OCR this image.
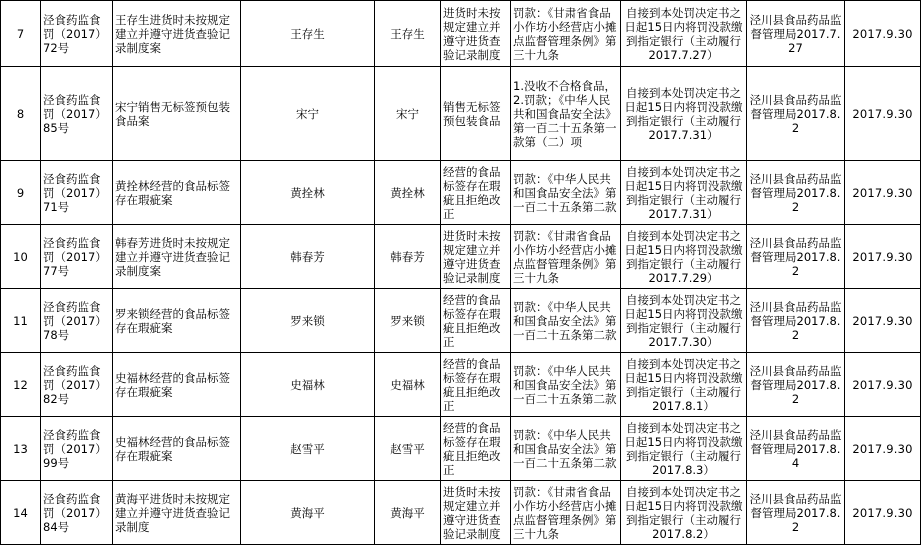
7	泾食药监食罚（2017）72号	王存生进货时未按规定建立并遵守进货查验记录制度案	王存生	王存生	进货时未按规定建立并遵守进货查验记录制度	罚款：《甘肃省食品小作坊小经营店小摊点监督管理条例》第三十九条	自接到本处罚决定书之日起15日内将罚没款缴到指定银行（主动履行2017.7.27）	泾川县食品药品监督管理局2017.7.27	2017.9.30
8	泾食药监食罚（2017）85号	宋宁销售无标签预包装食品案	宋宁	宋宁	销售无标签预包装食品	1.没收不合格食品，2.罚款；《中华人民共和国食品安全法》第一百二十五条第一款第（二）项	自接到本处罚决定书之日起15日内将罚没款缴到指定银行（主动履行2017.7.31）	泾川县食品药品监督管理局2017.8.2	2017.9.30
9	泾食药监食罚（2017）71号	黄拴林经营的食品标签存在瑕疵案	黄拴林	黄拴林	经营的食品标签存在瑕疵且拒绝改正	罚款：《中华人民共和国食品安全法》第一百二十五条第二款	自接到本处罚决定书之日起15日内将罚没款缴到指定银行（主动履行2017.7.31）	泾川县食品药品监督管理局2017.8.2	2017.9.30
10	泾食药监食罚（2017）77号	韩春芳进货时未按规定建立并遵守进货查验记录制度案	韩春芳	韩春芳	进货时未按规定建立并遵守进货查验记录制度	罚款：《甘肃省食品小作坊小经营店小摊点监督管理条例》第三十九条	自接到本处罚决定书之日起15日内将罚没款缴到指定银行（主动履行2017.7.29）	泾川县食品药品监督管理局2017.8.2	2017.9.30
11	泾食药监食罚（2017）78号	罗来锁经营的食品标签存在瑕疵案	罗来锁	罗来锁	经营的食品标签存在瑕疵且拒绝改正	罚款：《中华人民共和国食品安全法》第一百二十五条第二款	自接到本处罚决定书之日起15日内将罚没款缴到指定银行（主动履行2017.7.30）	泾川县食品药品监督管理局2017.8.2	2017.9.30
12	泾食药监食罚（2017）82号	史福林经营的食品标签存在瑕疵案	史福林	史福林	经营的食品标签存在瑕疵且拒绝改正	罚款：《中华人民共和国食品安全法》第一百二十五条第二款	自接到本处罚决定书之日起15日内将罚没款缴到指定银行（主动履行2017.8.1）	泾川县食品药品监督管理局2017.8.2	2017.9.30
13	泾食药监食罚（2017）99号	史福林经营的食品标签存在瑕疵案	赵雪平	赵雪平	经营的食品标签存在瑕疵且拒绝改正	罚款：《中华人民共和国食品安全法》第一百二十五条第二款	自接到本处罚决定书之日起15日内将罚没款缴到指定银行（主动履行2017.8.3）	泾川县食品药品监督管理局2017.8.4	2017.9.30
14	泾食药监食罚（2017）84号	黄海平进货时未按规定建立并遵守进货查验记录制度	黄海平	黄海平	进货时未按规定建立并遵守进货查验记录制度	罚款：《甘肃省食品小作坊小经营店小摊点监督管理条例》第三十九条	自接到本处罚决定书之日起15日内将罚没款缴到指定银行（主动履行2017.8.2）	泾川县食品药品监督管理局2017.8.2	2017.9.30
